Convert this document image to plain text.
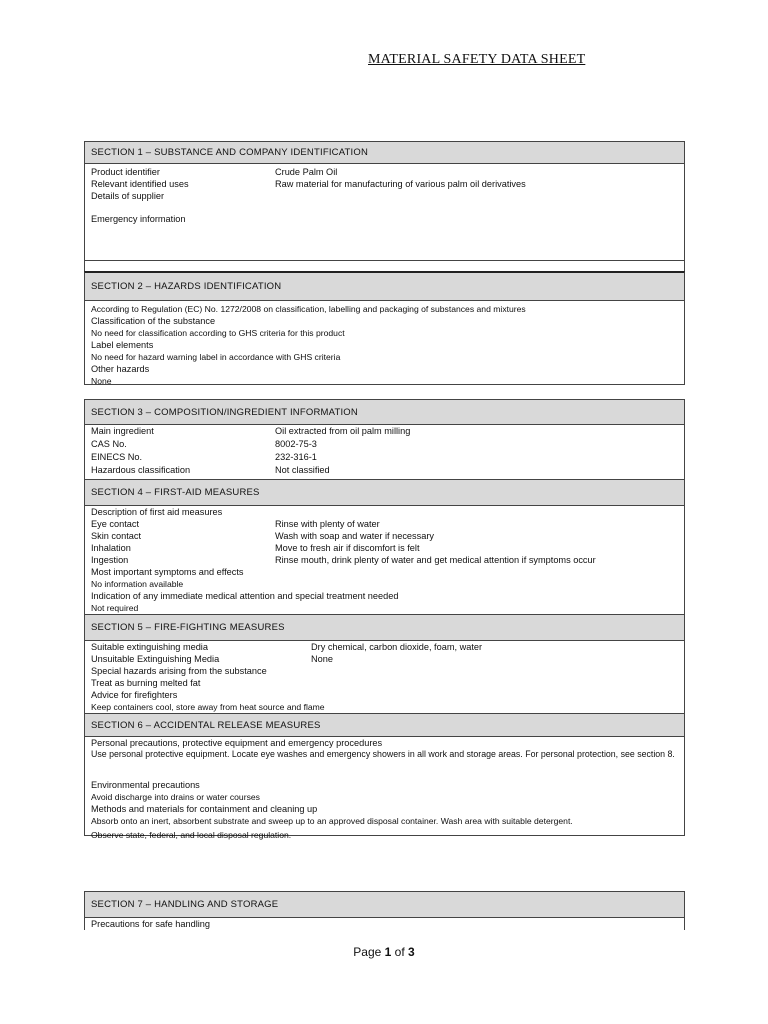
MATERIAL SAFETY DATA SHEET
SECTION 1 – SUBSTANCE AND COMPANY IDENTIFICATION
Product identifier	Crude Palm Oil
Relevant identified uses	Raw material for manufacturing of various palm oil derivatives
Details of supplier
Emergency information
SECTION 2 – HAZARDS IDENTIFICATION
According to Regulation (EC) No. 1272/2008 on classification, labelling and packaging of substances and mixtures
Classification of the substance
No need for classification according to GHS criteria for this product
Label elements
No need for hazard warning label in accordance with GHS criteria
Other hazards
None
SECTION 3 – COMPOSITION/INGREDIENT INFORMATION
Main ingredient	Oil extracted from oil palm milling
CAS No.	8002-75-3
EINECS No.	232-316-1
Hazardous classification	Not classified
SECTION 4 – FIRST-AID MEASURES
Description of first aid measures
Eye contact	Rinse with plenty of water
Skin contact	Wash with soap and water if necessary
Inhalation	Move to fresh air if discomfort is felt
Ingestion	Rinse mouth, drink plenty of water and get medical attention if symptoms occur
Most important symptoms and effects
No information available
Indication of any immediate medical attention and special treatment needed
Not required
SECTION 5 – FIRE-FIGHTING MEASURES
Suitable extinguishing media	Dry chemical, carbon dioxide, foam, water
Unsuitable Extinguishing Media	None
Special hazards arising from the substance
Treat as burning melted fat
Advice for firefighters
Keep containers cool, store away from heat source and flame
SECTION 6 – ACCIDENTAL RELEASE MEASURES
Personal precautions, protective equipment and emergency procedures
Use personal protective equipment. Locate eye washes and emergency showers in all work and storage areas. For personal protection, see section 8.
Environmental precautions
Avoid discharge into drains or water courses
Methods and materials for containment and cleaning up
Absorb onto an inert, absorbent substrate and sweep up to an approved disposal container. Wash area with suitable detergent.
Observe state, federal, and local disposal regulation.
SECTION 7 – HANDLING AND STORAGE
Precautions for safe handling
Page 1 of 3
